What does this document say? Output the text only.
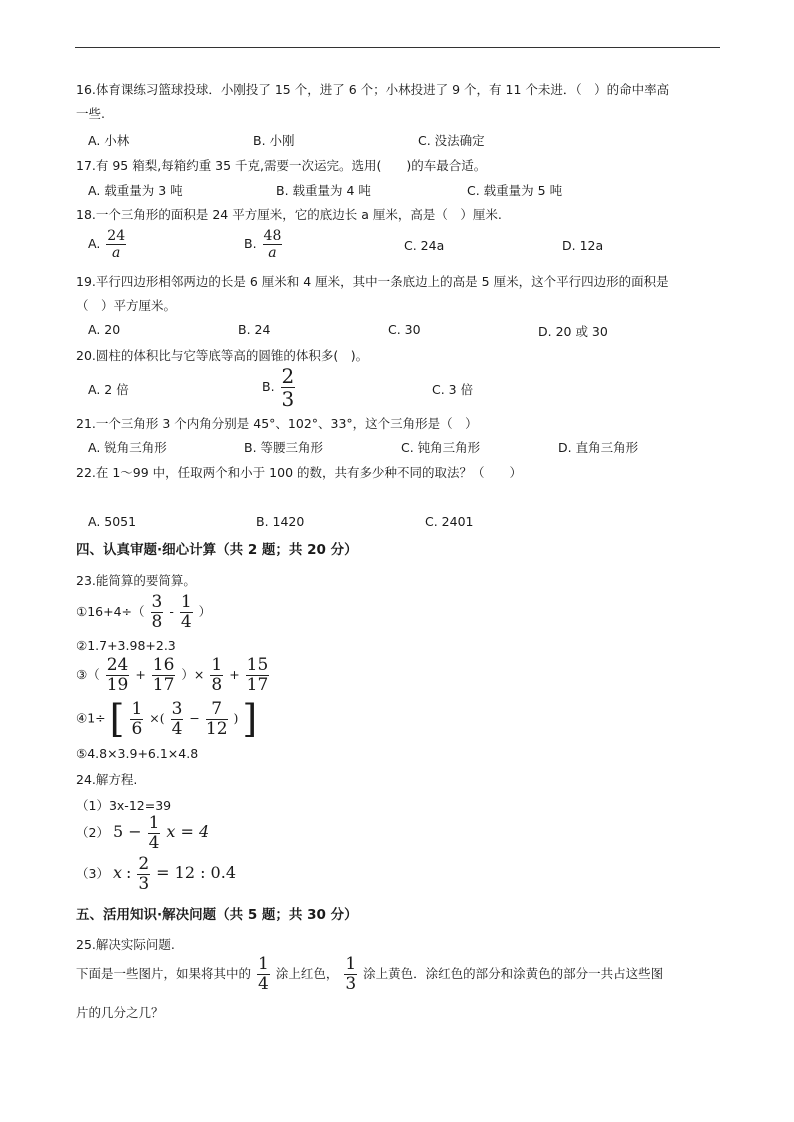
16.体育课练习篮球投球．小刚投了 15 个，进了 6 个；小林投进了 9 个，有 11 个未进．（　）的命中率高
一些.
A. 小林	B. 小刚	C. 没法确定
17.有 95 箱梨,每箱约重 35 千克,需要一次运完。选用(　　)的车最合适。
A. 载重量为 3 吨	B. 载重量为 4 吨	C. 载重量为 5 吨
18.一个三角形的面积是 24 平方厘米，它的底边长 a 厘米，高是（　）厘米.
A. $\frac{24}{a}$	B. $\frac{48}{a}$	C. 24a	D. 12a
19.平行四边形相邻两边的长是 6 厘米和 4 厘米，其中一条底边上的高是 5 厘米，这个平行四边形的面积是
（　）平方厘米。
A. 20	B. 24	C. 30	D. 20 或 30
20.圆柱的体积比与它等底等高的圆锥的体积多(　)。
A. 2 倍	B. $\frac{2}{3}$	C. 3 倍
21.一个三角形 3 个内角分别是 45°、102°、33°，这个三角形是（　）
A. 锐角三角形	B. 等腰三角形	C. 钝角三角形	D. 直角三角形
22.在 1～99 中，任取两个和小于 100 的数，共有多少种不同的取法？（　　）
A. 5051	B. 1420	C. 2401
四、认真审题·细心计算（共 2 题；共 20 分）
23.能简算的要简算。
①16+4÷（ $\frac{3}{8} - \frac{1}{4}$ ）
②1.7+3.98+2.3
③（ $\frac{24}{19} + \frac{16}{17}$ ）× $\frac{1}{8} + \frac{15}{17}$
④1÷ [ $\frac{1}{6}$ ×( $\frac{3}{4} - \frac{7}{12}$ ) ]
⑤4.8×3.9+6.1×4.8
24.解方程.
（1）3x-12=39
（2） $5 - \frac{1}{4}$ x = 4
（3） x : $\frac{2}{3} = 12$ : 0.4
五、活用知识·解决问题（共 5 题；共 30 分）
25.解决实际问题.
下面是一些图片，如果将其中的 $\frac{1}{4}$ 涂上红色， $\frac{1}{3}$ 涂上黄色．涂红色的部分和涂黄色的部分一共占这些图
片的几分之几？
